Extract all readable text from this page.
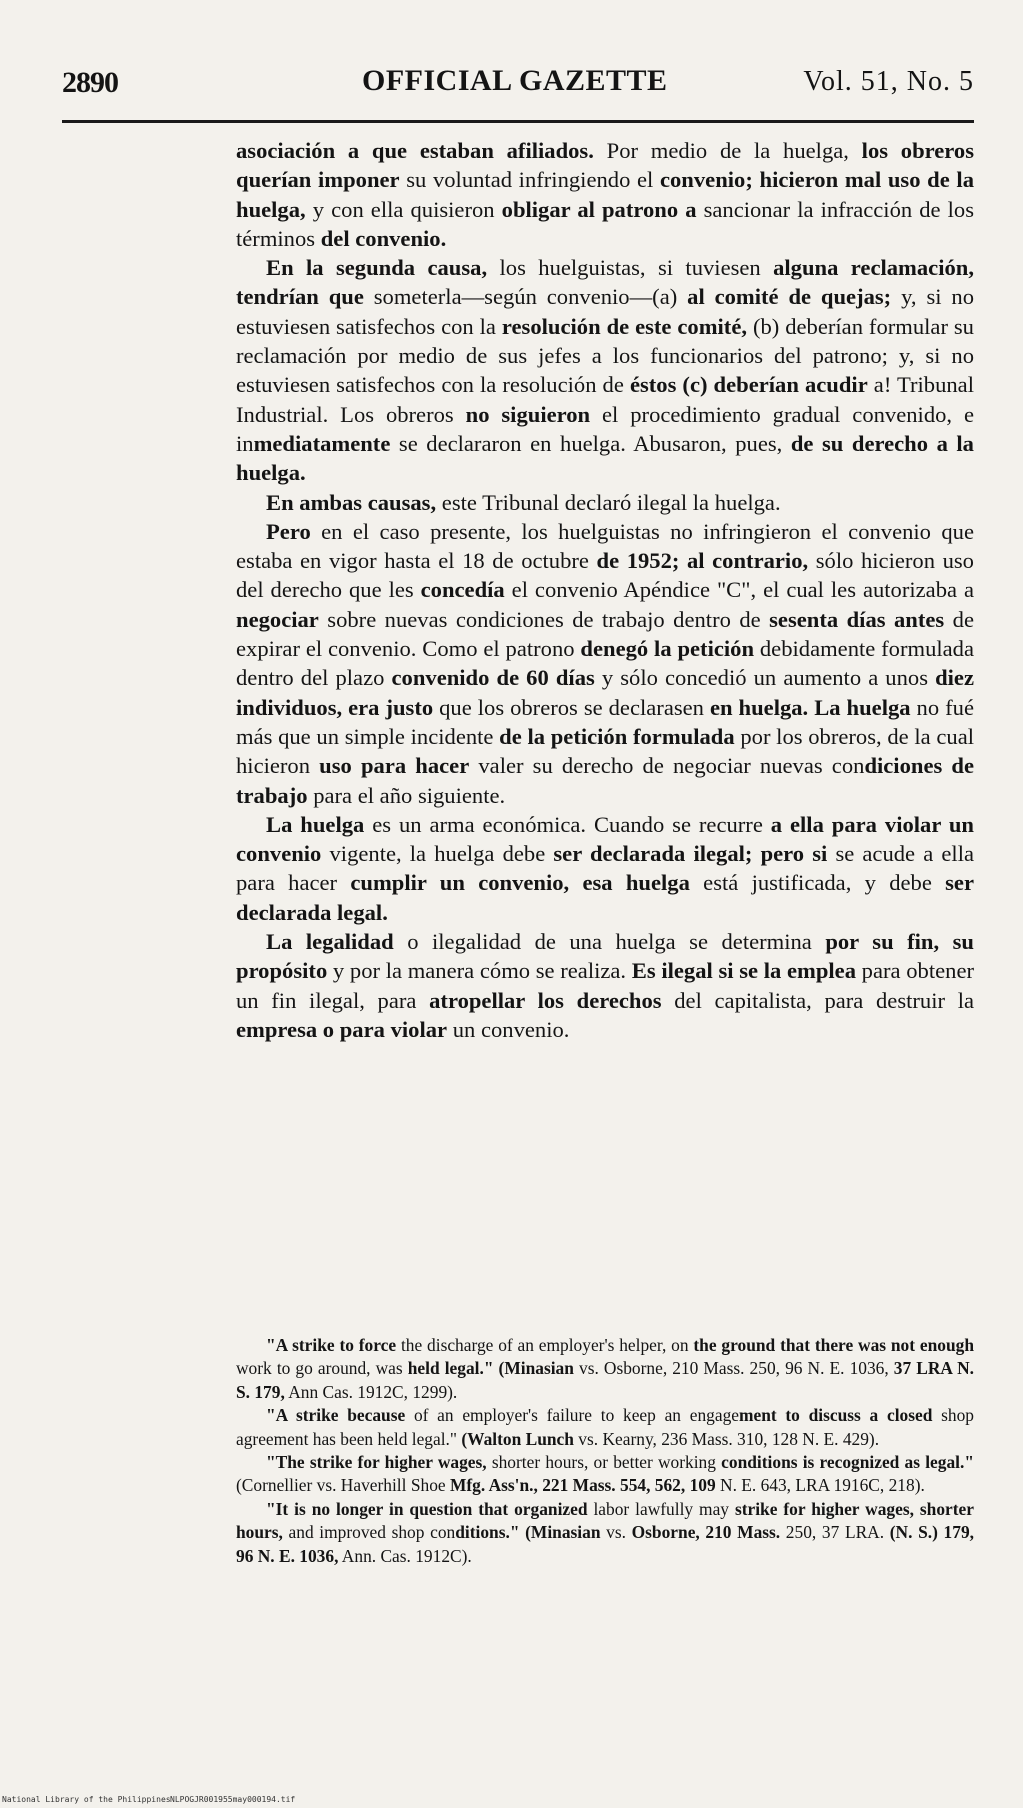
2890	OFFICIAL GAZETTE	Vol. 51, No. 5

asociación a que estaban afiliados. Por medio de la huelga, los obreros querían imponer su voluntad infringiendo el convenio; hicieron mal uso de la huelga, y con ella quisieron obligar al patrono a sancionar la infracción de los términos del convenio.

En la segunda causa, los huelguistas, si tuviesen alguna reclamación, tendrían que someterla—según convenio—(a) al comité de quejas; y, si no estuviesen satisfechos con la resolución de este comité, (b) deberían formular su reclamación por medio de sus jefes a los funcionarios del patrono; y, si no estuviesen satisfechos con la resolución de éstos (c) deberían acudir a! Tribunal Industrial. Los obreros no siguieron el procedimiento gradual convenido, e inmediatamente se declararon en huelga. Abusaron, pues, de su derecho a la huelga.

En ambas causas, este Tribunal declaró ilegal la huelga.

Pero en el caso presente, los huelguistas no infringieron el convenio que estaba en vigor hasta el 18 de octubre de 1952; al contrario, sólo hicieron uso del derecho que les concedía el convenio Apéndice "C", el cual les autorizaba a negociar sobre nuevas condiciones de trabajo dentro de sesenta días antes de expirar el convenio. Como el patrono denegó la petición debidamente formulada dentro del plazo convenido de 60 días y sólo concedió un aumento a unos diez individuos, era justo que los obreros se declarasen en huelga. La huelga no fué más que un simple incidente de la petición formulada por los obreros, de la cual hicieron uso para hacer valer su derecho de negociar nuevas condiciones de trabajo para el año siguiente.

La huelga es un arma económica. Cuando se recurre a ella para violar un convenio vigente, la huelga debe ser declarada ilegal; pero si se acude a ella para hacer cumplir un convenio, esa huelga está justificada, y debe ser declarada legal.

La legalidad o ilegalidad de una huelga se determina por su fin, su propósito y por la manera cómo se realiza. Es ilegal si se la emplea para obtener un fin ilegal, para atropellar los derechos del capitalista, para destruir la empresa o para violar un convenio.

"A strike to force the discharge of an employer's helper, on the ground that there was not enough work to go around, was held legal." (Minasian vs. Osborne, 210 Mass. 250, 96 N. E. 1036, 37 LRA N. S. 179, Ann Cas. 1912C, 1299).

"A strike because of an employer's failure to keep an engagement to discuss a closed shop agreement has been held legal." (Walton Lunch vs. Kearny, 236 Mass. 310, 128 N. E. 429).

"The strike for higher wages, shorter hours, or better working conditions is recognized as legal." (Cornellier vs. Haverhill Shoe Mfg. Ass'n., 221 Mass. 554, 562, 109 N. E. 643, LRA 1916C, 218).

"It is no longer in question that organized labor lawfully may strike for higher wages, shorter hours, and improved shop conditions." (Minasian vs. Osborne, 210 Mass. 250, 37 LRA. (N. S.) 179, 96 N. E. 1036, Ann. Cas. 1912C).

National Library of the Philippines NLPOGJR001955may000194.tif
